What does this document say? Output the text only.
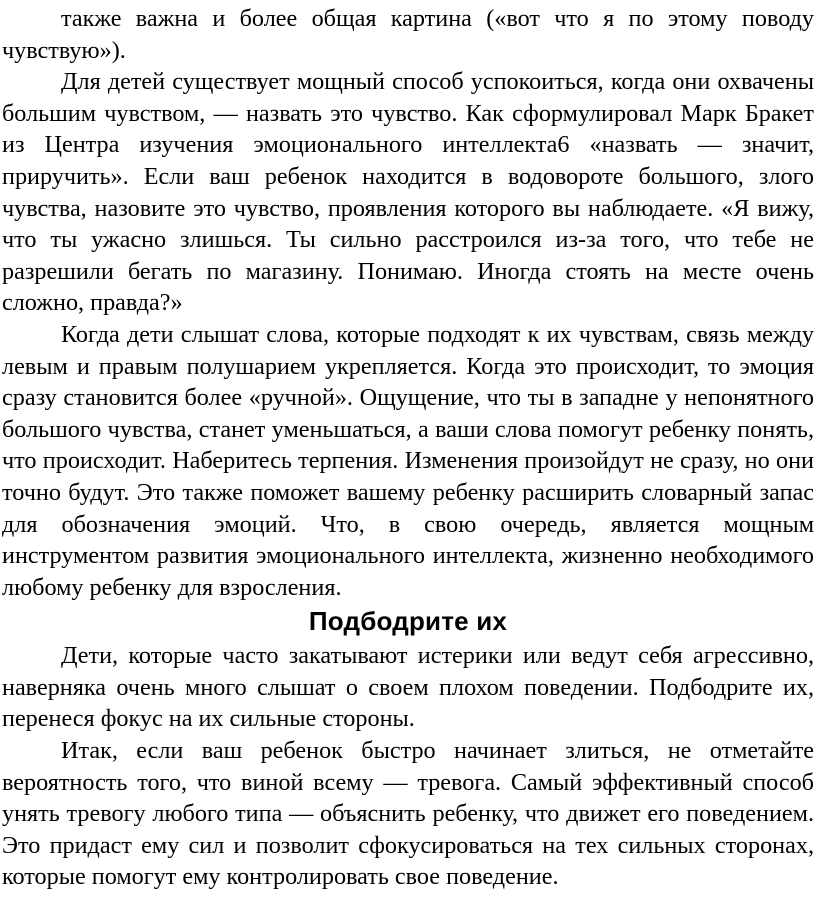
также важна и более общая картина («вот что я по этому поводу чувствую»).

Для детей существует мощный способ успокоиться, когда они охвачены большим чувством, — назвать это чувство. Как сформулировал Марк Бракет из Центра изучения эмоционального интеллекта6 «назвать — значит, приручить». Если ваш ребенок находится в водовороте большого, злого чувства, назовите это чувство, проявления которого вы наблюдаете. «Я вижу, что ты ужасно злишься. Ты сильно расстроился из-за того, что тебе не разрешили бегать по магазину. Понимаю. Иногда стоять на месте очень сложно, правда?»

Когда дети слышат слова, которые подходят к их чувствам, связь между левым и правым полушарием укрепляется. Когда это происходит, то эмоция сразу становится более «ручной». Ощущение, что ты в западне у непонятного большого чувства, станет уменьшаться, а ваши слова помогут ребенку понять, что происходит. Наберитесь терпения. Изменения произойдут не сразу, но они точно будут. Это также поможет вашему ребенку расширить словарный запас для обозначения эмоций. Что, в свою очередь, является мощным инструментом развития эмоционального интеллекта, жизненно необходимого любому ребенку для взросления.

Подбодрите их

Дети, которые часто закатывают истерики или ведут себя агрессивно, наверняка очень много слышат о своем плохом поведении. Подбодрите их, перенеся фокус на их сильные стороны.

Итак, если ваш ребенок быстро начинает злиться, не отметайте вероятность того, что виной всему — тревога. Самый эффективный способ унять тревогу любого типа — объяснить ребенку, что движет его поведением. Это придаст ему сил и позволит сфокусироваться на тех сильных сторонах, которые помогут ему контролировать свое поведение.
